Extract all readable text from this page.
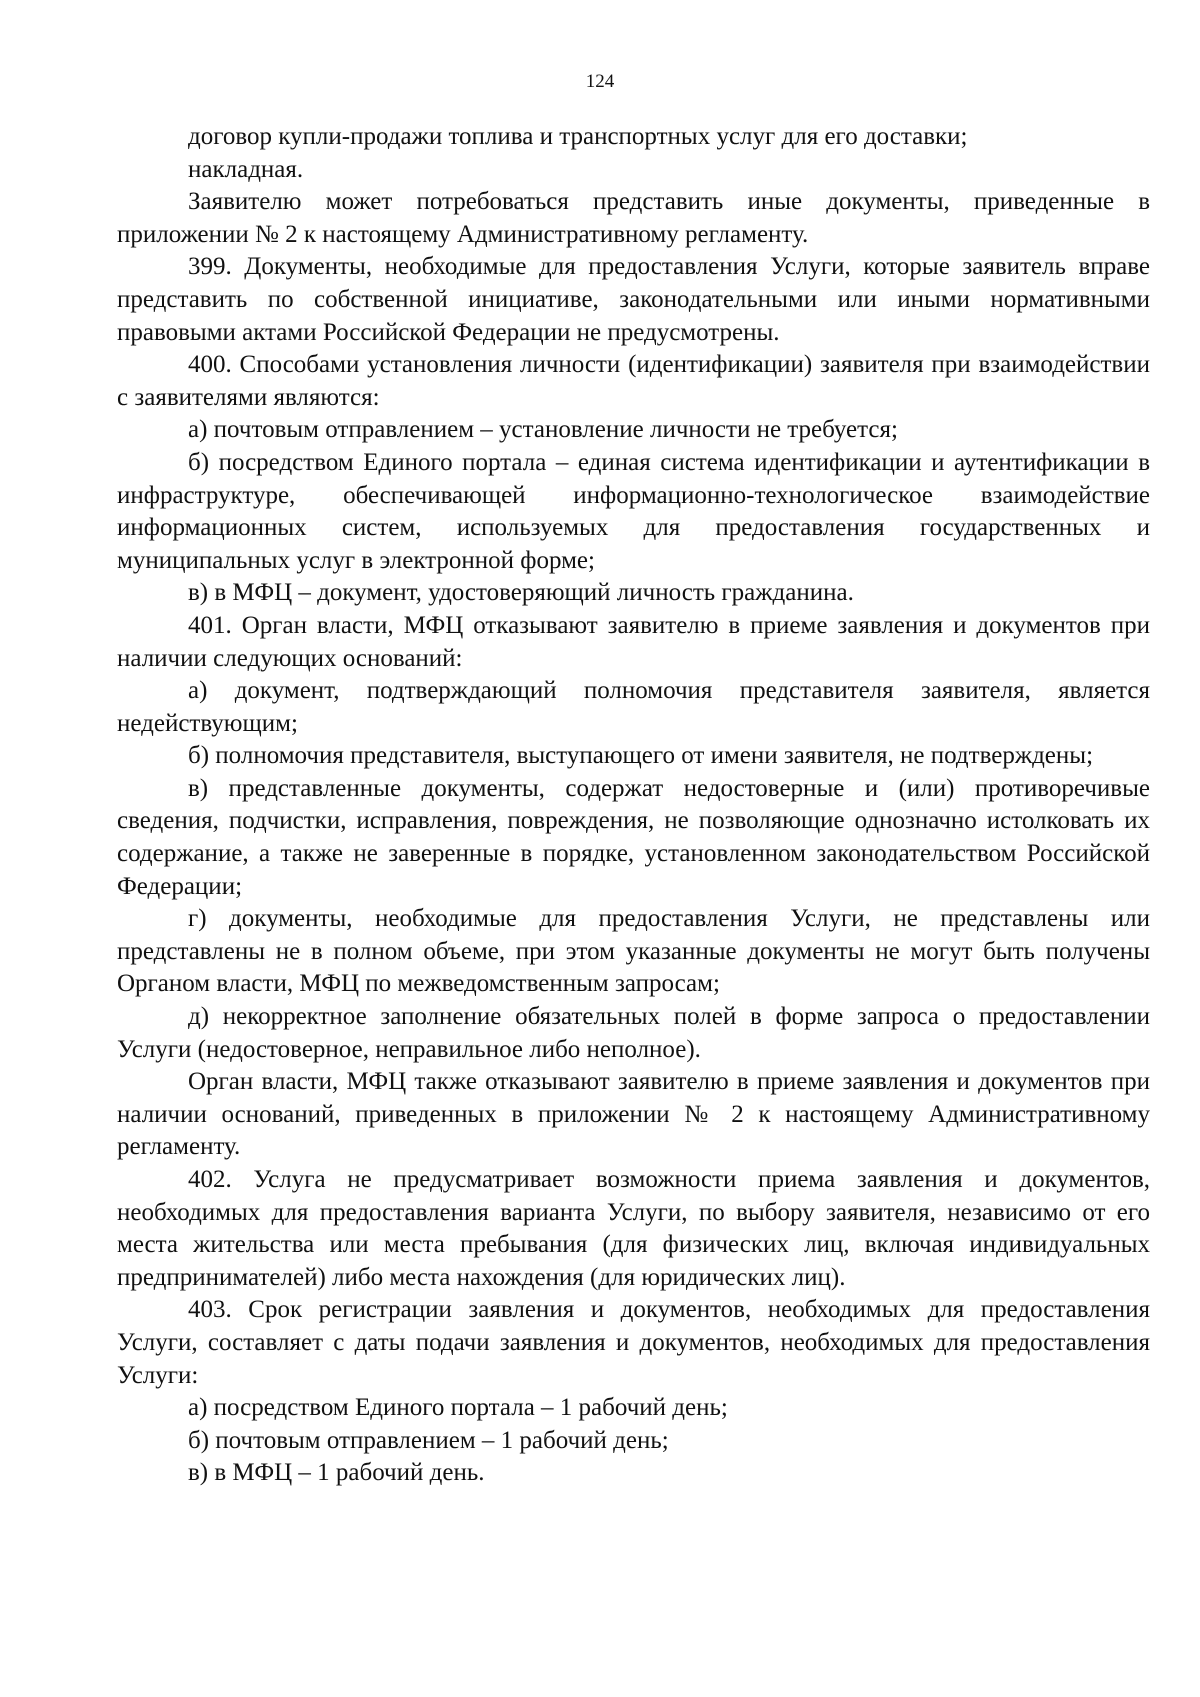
124

договор купли-продажи топлива и транспортных услуг для его доставки;

накладная.

Заявителю может потребоваться представить иные документы, приведенные в приложении № 2 к настоящему Административному регламенту.

399. Документы, необходимые для предоставления Услуги, которые заявитель вправе представить по собственной инициативе, законодательными или иными нормативными правовыми актами Российской Федерации не предусмотрены.

400. Способами установления личности (идентификации) заявителя при взаимодействии с заявителями являются:

а) почтовым отправлением – установление личности не требуется;

б) посредством Единого портала – единая система идентификации и аутентификации в инфраструктуре, обеспечивающей информационно-технологическое взаимодействие информационных систем, используемых для предоставления государственных и муниципальных услуг в электронной форме;

в) в МФЦ – документ, удостоверяющий личность гражданина.

401. Орган власти, МФЦ отказывают заявителю в приеме заявления и документов при наличии следующих оснований:

а) документ, подтверждающий полномочия представителя заявителя, является недействующим;

б) полномочия представителя, выступающего от имени заявителя, не подтверждены;

в) представленные документы, содержат недостоверные и (или) противоречивые сведения, подчистки, исправления, повреждения, не позволяющие однозначно истолковать их содержание, а также не заверенные в порядке, установленном законодательством Российской Федерации;

г) документы, необходимые для предоставления Услуги, не представлены или представлены не в полном объеме, при этом указанные документы не могут быть получены Органом власти, МФЦ по межведомственным запросам;

д) некорректное заполнение обязательных полей в форме запроса о предоставлении Услуги (недостоверное, неправильное либо неполное).

Орган власти, МФЦ также отказывают заявителю в приеме заявления и документов при наличии оснований, приведенных в приложении № 2 к настоящему Административному регламенту.

402. Услуга не предусматривает возможности приема заявления и документов, необходимых для предоставления варианта Услуги, по выбору заявителя, независимо от его места жительства или места пребывания (для физических лиц, включая индивидуальных предпринимателей) либо места нахождения (для юридических лиц).

403. Срок регистрации заявления и документов, необходимых для предоставления Услуги, составляет с даты подачи заявления и документов, необходимых для предоставления Услуги:

а) посредством Единого портала – 1 рабочий день;

б) почтовым отправлением – 1 рабочий день;

в) в МФЦ – 1 рабочий день.
